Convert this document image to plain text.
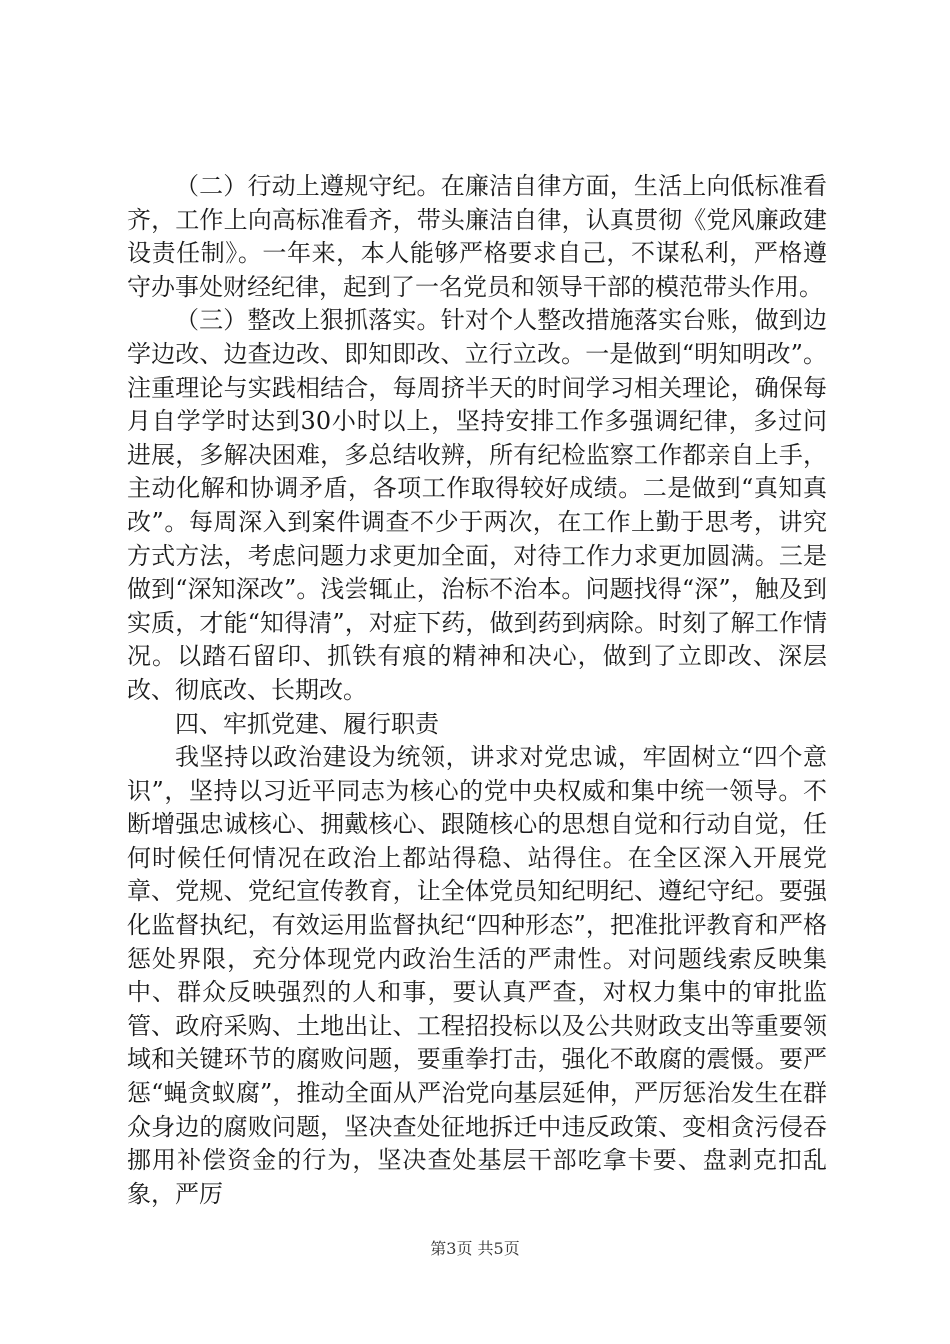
（二）行动上遵规守纪。在廉洁自律方面，生活上向低标准看齐，工作上向高标准看齐，带头廉洁自律，认真贯彻《党风廉政建设责任制》。一年来，本人能够严格要求自己，不谋私利，严格遵守办事处财经纪律，起到了一名党员和领导干部的模范带头作用。

（三）整改上狠抓落实。针对个人整改措施落实台账，做到边学边改、边查边改、即知即改、立行立改。一是做到“明知明改”。注重理论与实践相结合，每周挤半天的时间学习相关理论，确保每月自学学时达到30小时以上，坚持安排工作多强调纪律，多过问进展，多解决困难，多总结收辨，所有纪检监察工作都亲自上手，主动化解和协调矛盾，各项工作取得较好成绩。二是做到“真知真改”。每周深入到案件调查不少于两次，在工作上勤于思考，讲究方式方法，考虑问题力求更加全面，对待工作力求更加圆满。三是做到“深知深改”。浅尝辄止，治标不治本。问题找得“深”，触及到实质，才能“知得清”，对症下药，做到药到病除。时刻了解工作情况。以踏石留印、抓铁有痕的精神和决心，做到了立即改、深层改、彻底改、长期改。

四、牢抓党建、履行职责

我坚持以政治建设为统领，讲求对党忠诚，牢固树立“四个意识”，坚持以习近平同志为核心的党中央权威和集中统一领导。不断增强忠诚核心、拥戴核心、跟随核心的思想自觉和行动自觉，任何时候任何情况在政治上都站得稳、站得住。在全区深入开展党章、党规、党纪宣传教育，让全体党员知纪明纪、遵纪守纪。要强化监督执纪，有效运用监督执纪“四种形态”，把准批评教育和严格惩处界限，充分体现党内政治生活的严肃性。对问题线索反映集中、群众反映强烈的人和事，要认真严查，对权力集中的审批监管、政府采购、土地出让、工程招投标以及公共财政支出等重要领域和关键环节的腐败问题，要重拳打击，强化不敢腐的震慑。要严惩“蝇贪蚁腐”，推动全面从严治党向基层延伸，严厉惩治发生在群众身边的腐败问题，坚决查处征地拆迁中违反政策、变相贪污侵吞挪用补偿资金的行为，坚决查处基层干部吃拿卡要、盘剥克扣乱象，严厉

第3页 共5页
